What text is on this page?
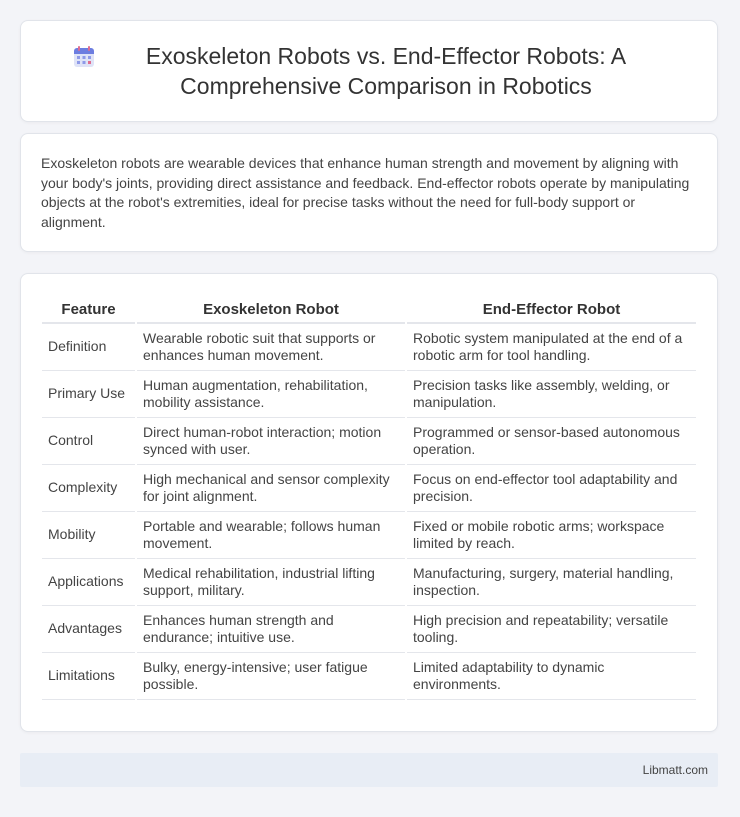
Exoskeleton Robots vs. End-Effector Robots: A Comprehensive Comparison in Robotics

Exoskeleton robots are wearable devices that enhance human strength and movement by aligning with your body's joints, providing direct assistance and feedback. End-effector robots operate by manipulating objects at the robot's extremities, ideal for precise tasks without the need for full-body support or alignment.

Feature	Exoskeleton Robot	End-Effector Robot
Definition	Wearable robotic suit that supports or enhances human movement.	Robotic system manipulated at the end of a robotic arm for tool handling.
Primary Use	Human augmentation, rehabilitation, mobility assistance.	Precision tasks like assembly, welding, or manipulation.
Control	Direct human-robot interaction; motion synced with user.	Programmed or sensor-based autonomous operation.
Complexity	High mechanical and sensor complexity for joint alignment.	Focus on end-effector tool adaptability and precision.
Mobility	Portable and wearable; follows human movement.	Fixed or mobile robotic arms; workspace limited by reach.
Applications	Medical rehabilitation, industrial lifting support, military.	Manufacturing, surgery, material handling, inspection.
Advantages	Enhances human strength and endurance; intuitive use.	High precision and repeatability; versatile tooling.
Limitations	Bulky, energy-intensive; user fatigue possible.	Limited adaptability to dynamic environments.
Libmatt.com
